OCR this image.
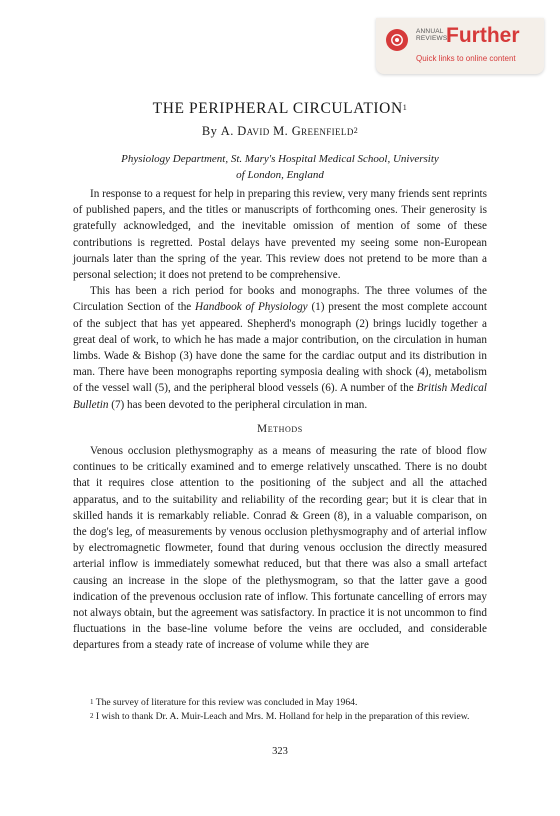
ANNUAL REVIEWS
Further
Quick links to online content
THE PERIPHERAL CIRCULATION$^1$
By A. David M. Greenfield$^2$
Physiology Department, St. Mary's Hospital Medical School, University
of London, England

In response to a request for help in preparing this review, very many friends sent reprints of published papers, and the titles or manuscripts of forthcoming ones. Their generosity is gratefully acknowledged, and the inevitable omission of mention of some of these contributions is regretted. Postal delays have prevented my seeing some non-European journals later than the spring of the year. This review does not pretend to be more than a personal selection; it does not pretend to be comprehensive.

This has been a rich period for books and monographs. The three volumes of the Circulation Section of the Handbook of Physiology (1) present the most complete account of the subject that has yet appeared. Shepherd's monograph (2) brings lucidly together a great deal of work, to which he has made a major contribution, on the circulation in human limbs. Wade & Bishop (3) have done the same for the cardiac output and its distribution in man. There have been monographs reporting symposia dealing with shock (4), metabolism of the vessel wall (5), and the peripheral blood vessels (6). A number of the British Medical Bulletin (7) has been devoted to the peripheral circulation in man.

Methods

Venous occlusion plethysmography as a means of measuring the rate of blood flow continues to be critically examined and to emerge relatively unscathed. There is no doubt that it requires close attention to the positioning of the subject and all the attached apparatus, and to the suitability and reliability of the recording gear; but it is clear that in skilled hands it is remarkably reliable. Conrad & Green (8), in a valuable comparison, on the dog's leg, of measurements by venous occlusion plethysmography and of arterial inflow by electromagnetic flowmeter, found that during venous occlusion the directly measured arterial inflow is immediately somewhat reduced, but that there was also a small artefact causing an increase in the slope of the plethysmogram, so that the latter gave a good indication of the prevenous occlusion rate of inflow. This fortunate cancelling of errors may not always obtain, but the agreement was satisfactory. In practice it is not uncommon to find fluctuations in the base-line volume before the veins are occluded, and considerable departures from a steady rate of increase of volume while they are

$^1$ The survey of literature for this review was concluded in May 1964.

$^2$ I wish to thank Dr. A. Muir-Leach and Mrs. M. Holland for help in the preparation of this review.

323
